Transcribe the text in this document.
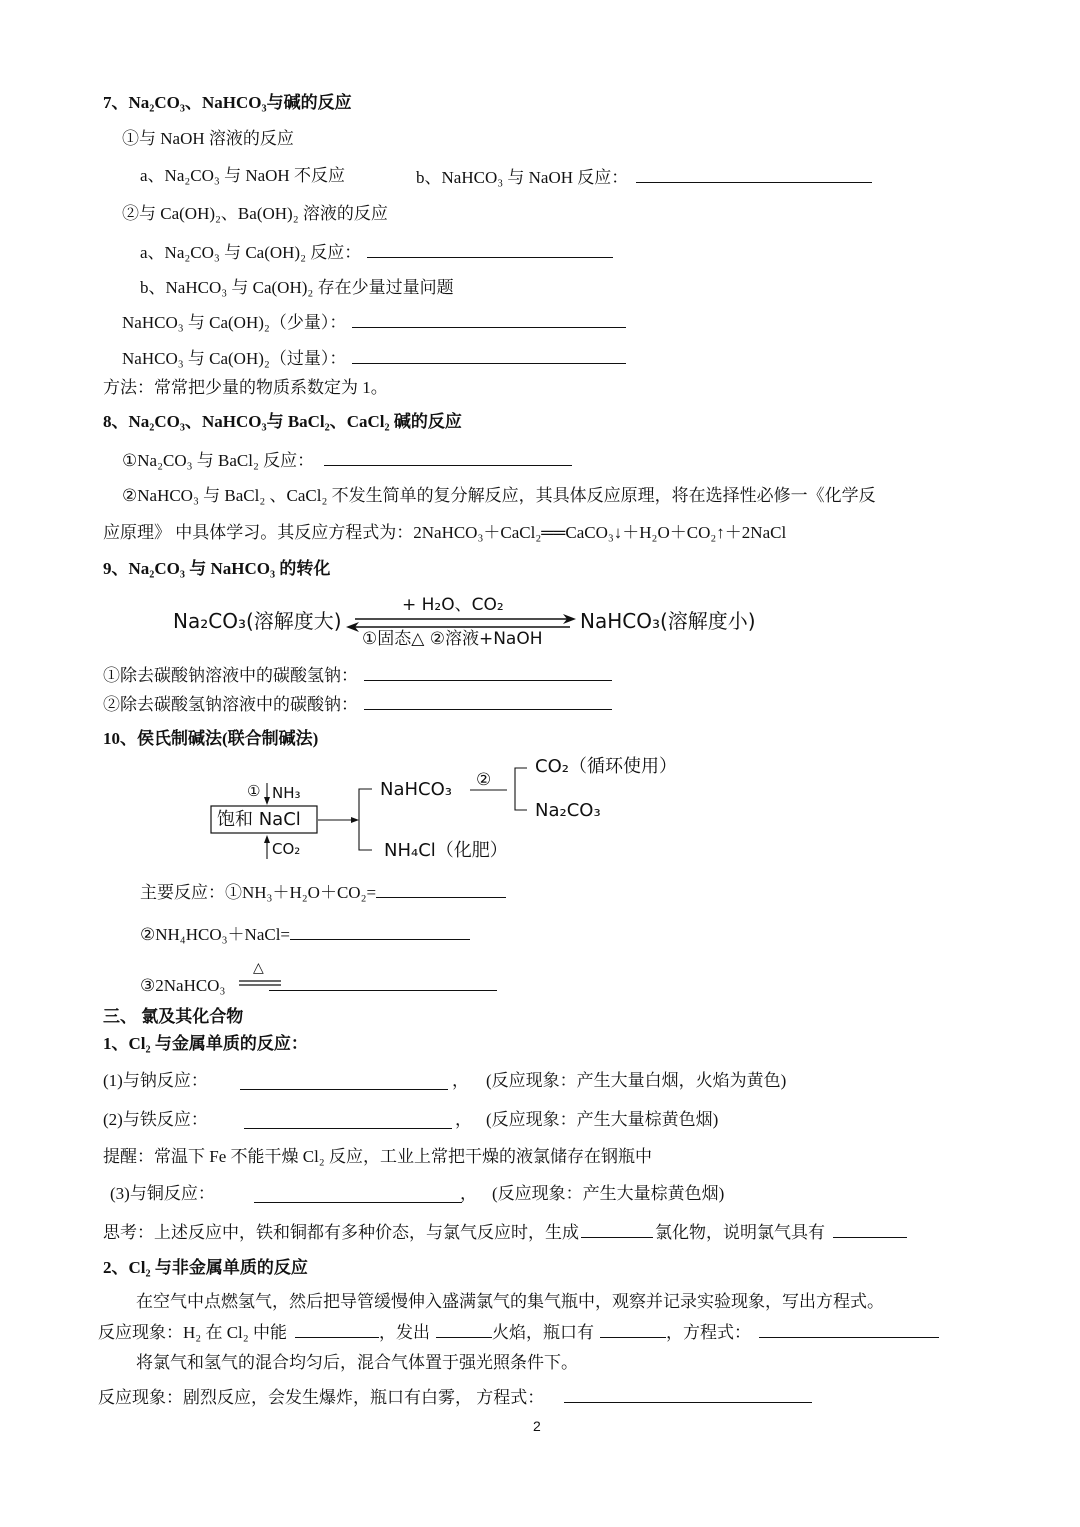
7、Na₂CO₃、NaHCO₃与碱的反应
①与 NaOH 溶液的反应
a、Na₂CO₃ 与 NaOH 不反应	b、NaHCO₃ 与 NaOH 反应：
②与 Ca(OH)₂、Ba(OH)₂ 溶液的反应
a、Na₂CO₃ 与 Ca(OH)₂ 反应：
b、NaHCO₃ 与 Ca(OH)₂ 存在少量过量问题
NaHCO₃ 与 Ca(OH)₂（少量）：
NaHCO₃ 与 Ca(OH)₂（过量）：
方法：常常把少量的物质系数定为 1。
8、Na₂CO₃、NaHCO₃与 BaCl₂、CaCl₂ 碱的反应
①Na₂CO₃ 与 BaCl₂ 反应：
②NaHCO₃ 与 BaCl₂ 、CaCl₂ 不发生简单的复分解反应，其具体反应原理，将在选择性必修一《化学反
应原理》 中具体学习。其反应方程式为：2NaHCO₃＋CaCl₂══CaCO₃↓＋H₂O＋CO₂↑＋2NaCl
9、Na₂CO₃ 与 NaHCO₃ 的转化
Na₂CO₃(溶解度大)
+ H₂O、CO₂
①固态△ ②溶液+NaOH
NaHCO₃(溶解度小)
①除去碳酸钠溶液中的碳酸氢钠：
②除去碳酸氢钠溶液中的碳酸钠：
10、侯氏制碱法(联合制碱法)
① NH₃
饱和 NaCl
CO₂
NaHCO₃ ②
CO₂（循环使用）
Na₂CO₃
NH₄Cl（化肥）
主要反应：①NH₃＋H₂O＋CO₂=
②NH₄HCO₃＋NaCl=
③2NaHCO₃
△
三、 氯及其化合物
1、Cl₂ 与金属单质的反应：
(1)与钠反应：	， (反应现象：产生大量白烟，火焰为黄色)
(2)与铁反应：	， (反应现象：产生大量棕黄色烟)
提醒：常温下 Fe 不能干燥 Cl₂ 反应，工业上常把干燥的液氯储存在钢瓶中
(3)与铜反应：	， (反应现象：产生大量棕黄色烟)
思考：上述反应中，铁和铜都有多种价态，与氯气反应时，生成	氯化物，说明氯气具有
2、Cl₂ 与非金属单质的反应
在空气中点燃氢气，然后把导管缓慢伸入盛满氯气的集气瓶中，观察并记录实验现象，写出方程式。
反应现象：H₂ 在 Cl₂ 中能	，发出	火焰，瓶口有	，方程式：
将氯气和氢气的混合均匀后，混合气体置于强光照条件下。
反应现象：剧烈反应，会发生爆炸，瓶口有白雾， 方程式：
2
